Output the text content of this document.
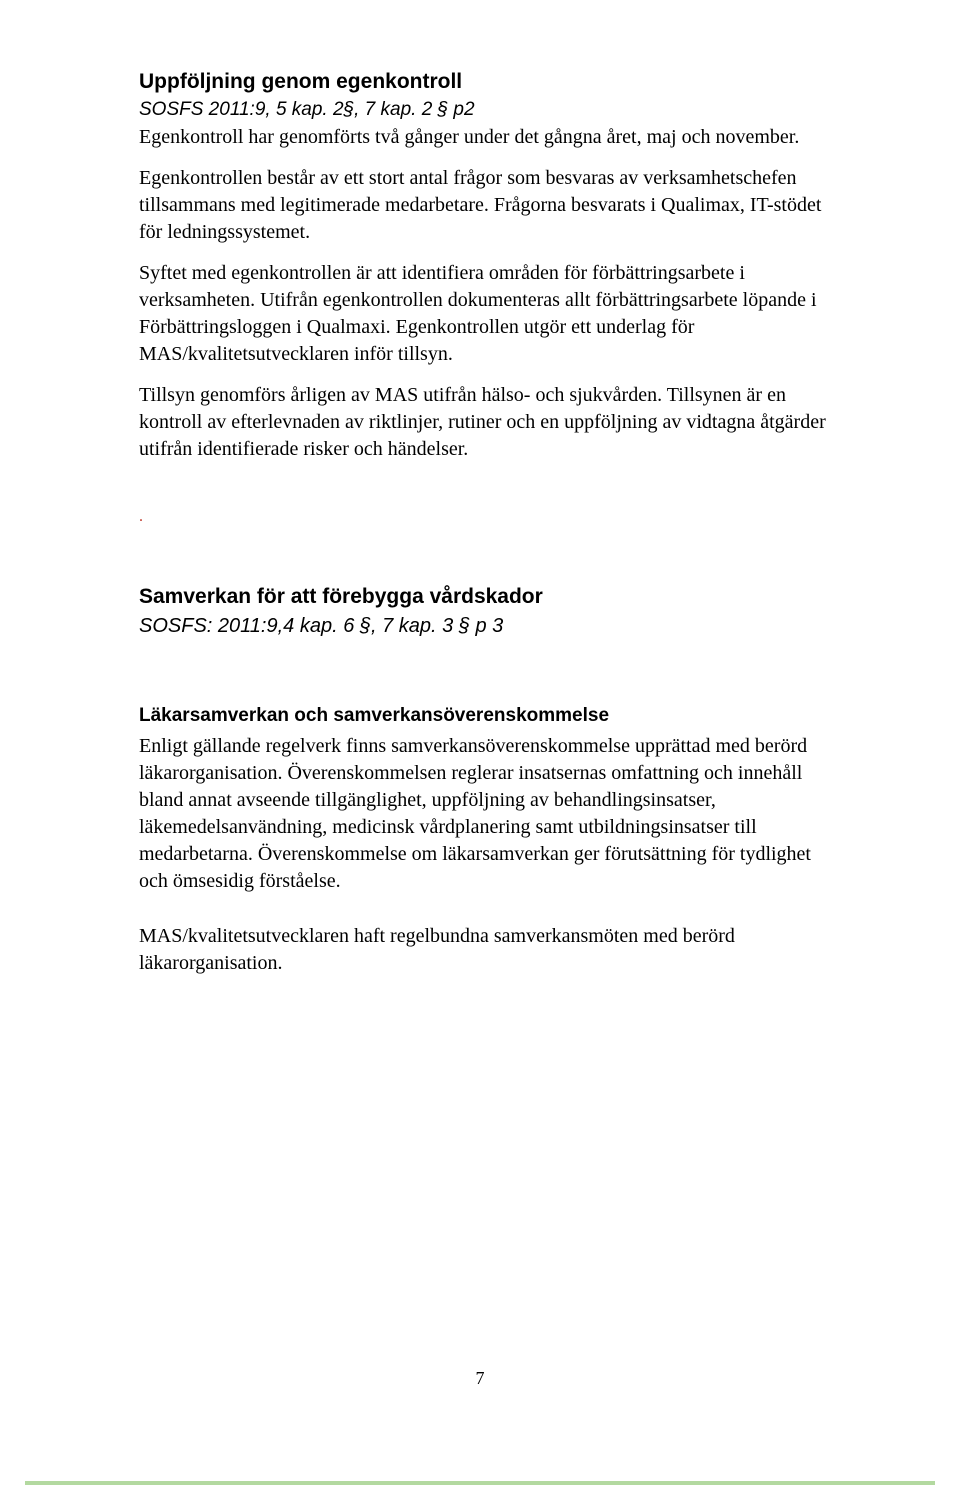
Uppföljning genom egenkontroll
SOSFS 2011:9, 5 kap. 2§, 7 kap. 2 § p2

Egenkontroll har genomförts två gånger under det gångna året, maj och november.

Egenkontrollen består av ett stort antal frågor som besvaras av verksamhetschefen tillsammans med legitimerade medarbetare. Frågorna besvarats i Qualimax, IT-stödet för ledningssystemet.

Syftet med egenkontrollen är att identifiera områden för förbättringsarbete i verksamheten. Utifrån egenkontrollen dokumenteras allt förbättringsarbete löpande i Förbättringsloggen i Qualmaxi. Egenkontrollen utgör ett underlag för MAS/kvalitetsutvecklaren inför tillsyn.

Tillsyn genomförs årligen av MAS utifrån hälso- och sjukvården. Tillsynen är en kontroll av efterlevnaden av riktlinjer, rutiner och en uppföljning av vidtagna åtgärder utifrån identifierade risker och händelser.

.
Samverkan för att förebygga vårdskador
SOSFS: 2011:9,4 kap. 6 §, 7 kap. 3 § p 3
Läkarsamverkan och samverkansöverenskommelse

Enligt gällande regelverk finns samverkansöverenskommelse upprättad med berörd läkarorganisation. Överenskommelsen reglerar insatsernas omfattning och innehåll bland annat avseende tillgänglighet, uppföljning av behandlingsinsatser, läkemedelsanvändning, medicinsk vårdplanering samt utbildningsinsatser till medarbetarna. Överenskommelse om läkarsamverkan ger förutsättning för tydlighet och ömsesidig förståelse.

MAS/kvalitetsutvecklaren haft regelbundna samverkansmöten med berörd läkarorganisation.

7
